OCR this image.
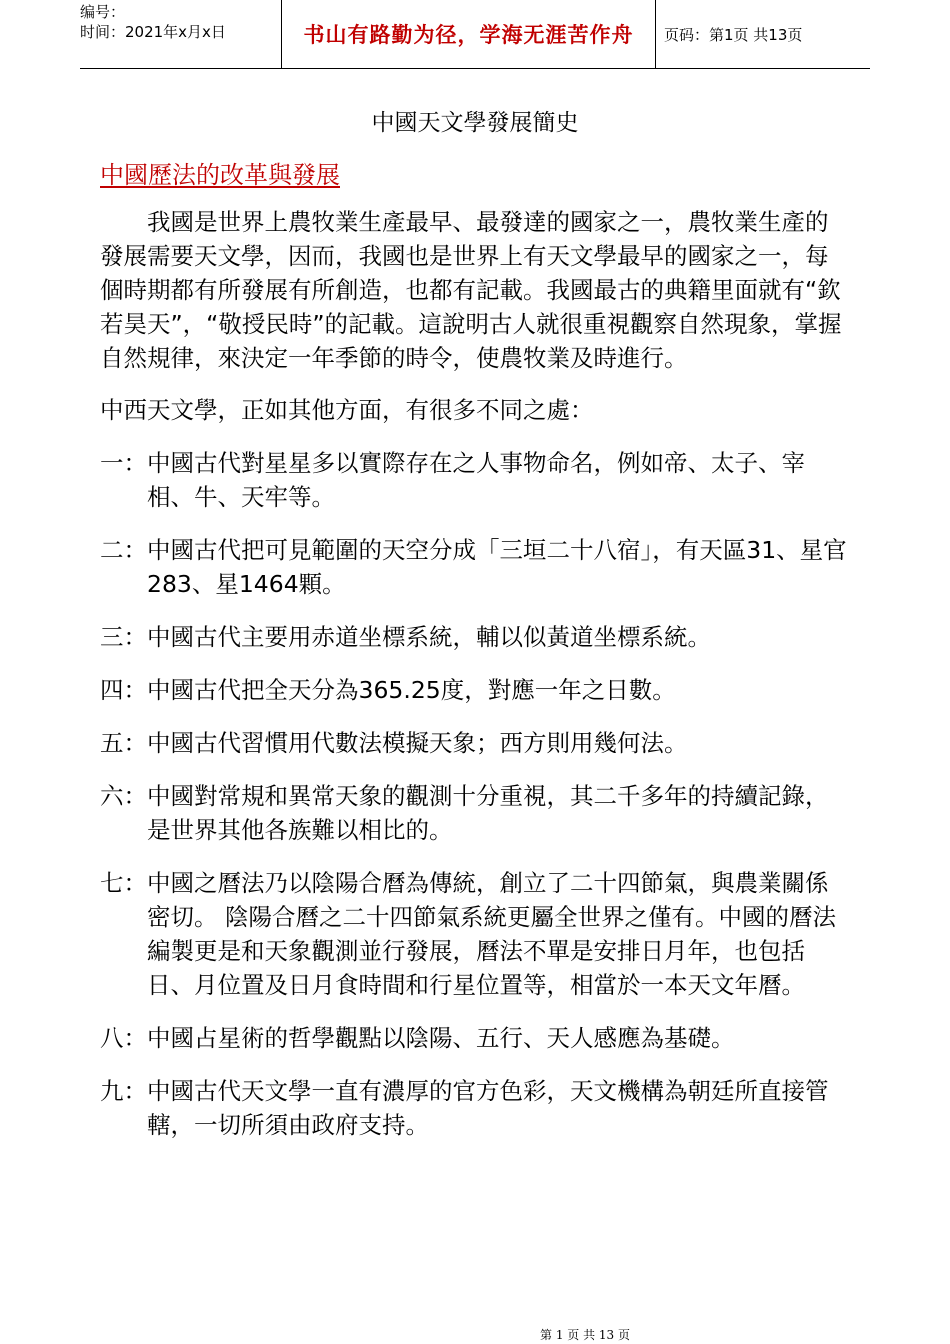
编号：
时间：2021年x月x日	书山有路勤为径，学海无涯苦作舟	页码：第1页 共13页
中國天文學發展簡史
中國歷法的改革與發展

我國是世界上農牧業生產最早、最發達的國家之一，農牧業生產的發展需要天文學，因而，我國也是世界上有天文學最早的國家之一，每個時期都有所發展有所創造，也都有記載。我國最古的典籍里面就有“欽若昊天”，“敬授民時”的記載。這說明古人就很重視觀察自然現象，掌握自然規律，來決定一年季節的時令，使農牧業及時進行。

中西天文學，正如其他方面，有很多不同之處：

一： 中國古代對星星多以實際存在之人事物命名，例如帝、太子、宰相、牛、天牢等。
二： 中國古代把可見範圍的天空分成「三垣二十八宿」，有天區31、星官283、星1464顆。
三： 中國古代主要用赤道坐標系統，輔以似黃道坐標系統。
四： 中國古代把全天分為365.25度，對應一年之日數。
五： 中國古代習慣用代數法模擬天象；西方則用幾何法。
六： 中國對常規和異常天象的觀測十分重視，其二千多年的持續記錄，是世界其他各族難以相比的。
七： 中國之曆法乃以陰陽合曆為傳統，創立了二十四節氣，與農業關係密切。 陰陽合曆之二十四節氣系統更屬全世界之僅有。中國的曆法編製更是和天象觀測並行發展，曆法不單是安排日月年，也包括日、月位置及日月食時間和行星位置等，相當於一本天文年曆。
八： 中國占星術的哲學觀點以陰陽、五行、天人感應為基礎。
九： 中國古代天文學一直有濃厚的官方色彩，天文機構為朝廷所直接管轄，一切所須由政府支持。
第 1 页 共 13 页
